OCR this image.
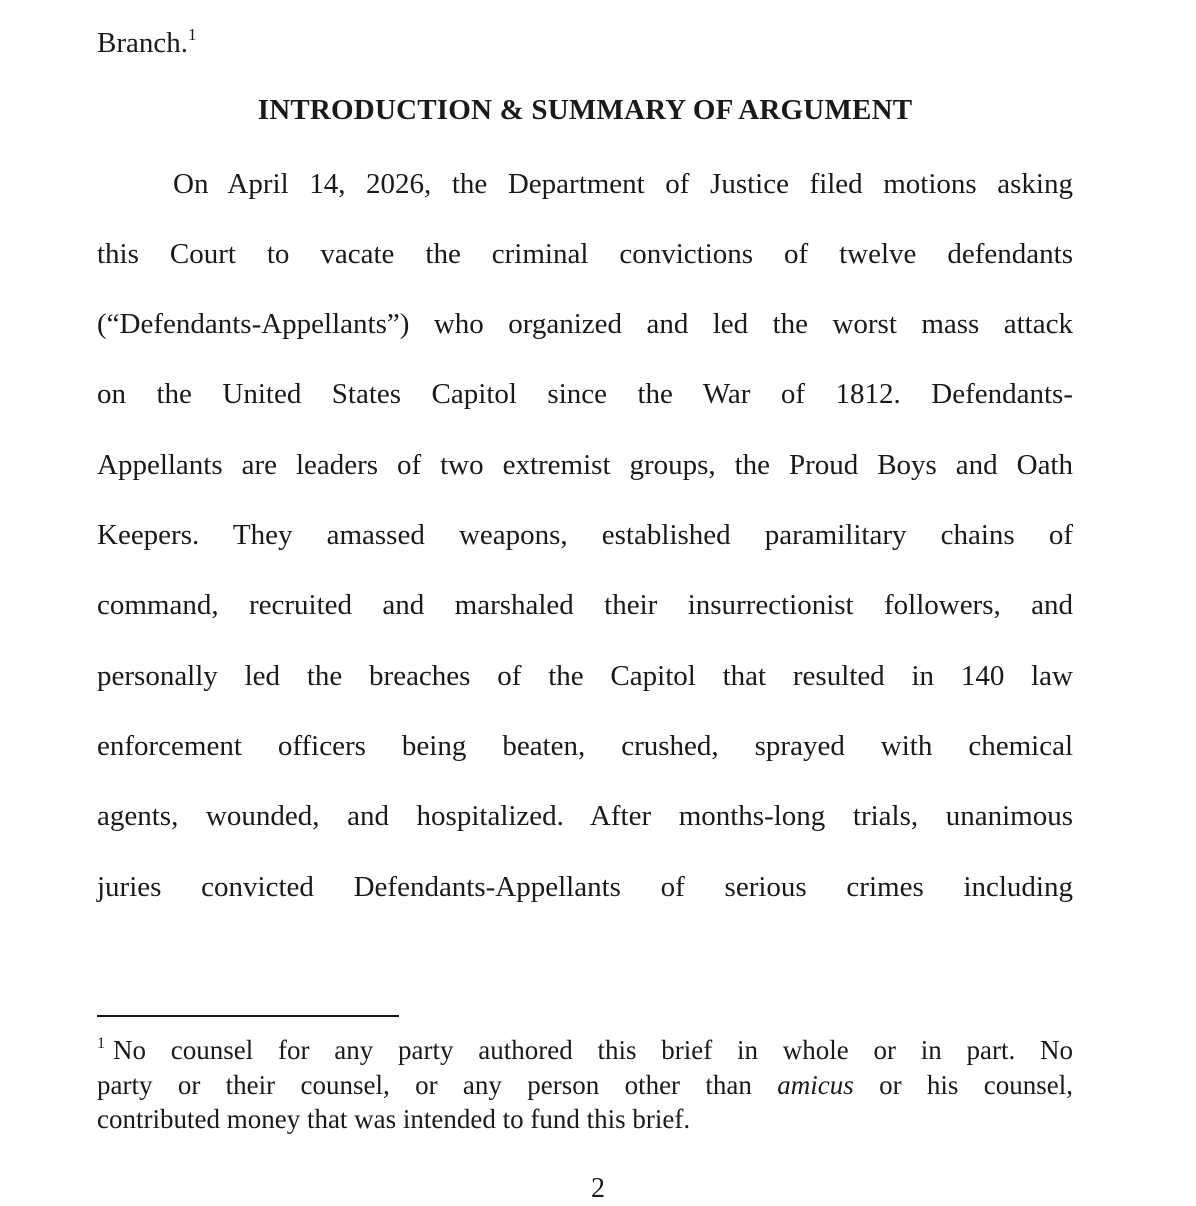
Branch.$^1$
INTRODUCTION & SUMMARY OF ARGUMENT
On April 14, 2026, the Department of Justice filed motions asking
this Court to vacate the criminal convictions of twelve defendants
(“Defendants-Appellants”) who organized and led the worst mass attack
on the United States Capitol since the War of 1812. Defendants-
Appellants are leaders of two extremist groups, the Proud Boys and Oath
Keepers. They amassed weapons, established paramilitary chains of
command, recruited and marshaled their insurrectionist followers, and
personally led the breaches of the Capitol that resulted in 140 law
enforcement officers being beaten, crushed, sprayed with chemical
agents, wounded, and hospitalized. After months-long trials, unanimous
juries convicted Defendants-Appellants of serious crimes including
$^1$ No counsel for any party authored this brief in whole or in part. No
party or their counsel, or any person other than amicus or his counsel,
contributed money that was intended to fund this brief.
2
